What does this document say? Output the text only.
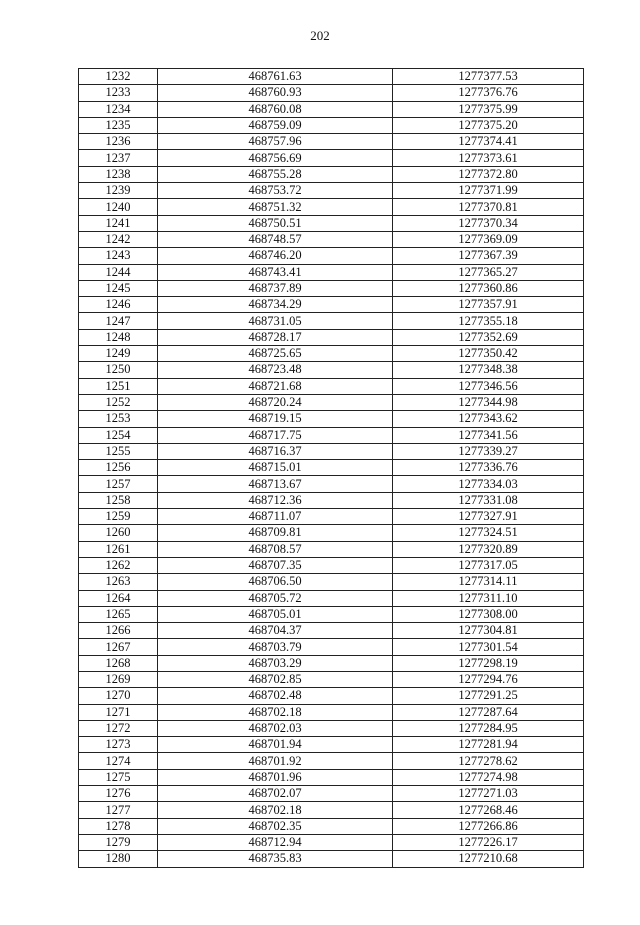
202
1232	468761.63	1277377.53
1233	468760.93	1277376.76
1234	468760.08	1277375.99
1235	468759.09	1277375.20
1236	468757.96	1277374.41
1237	468756.69	1277373.61
1238	468755.28	1277372.80
1239	468753.72	1277371.99
1240	468751.32	1277370.81
1241	468750.51	1277370.34
1242	468748.57	1277369.09
1243	468746.20	1277367.39
1244	468743.41	1277365.27
1245	468737.89	1277360.86
1246	468734.29	1277357.91
1247	468731.05	1277355.18
1248	468728.17	1277352.69
1249	468725.65	1277350.42
1250	468723.48	1277348.38
1251	468721.68	1277346.56
1252	468720.24	1277344.98
1253	468719.15	1277343.62
1254	468717.75	1277341.56
1255	468716.37	1277339.27
1256	468715.01	1277336.76
1257	468713.67	1277334.03
1258	468712.36	1277331.08
1259	468711.07	1277327.91
1260	468709.81	1277324.51
1261	468708.57	1277320.89
1262	468707.35	1277317.05
1263	468706.50	1277314.11
1264	468705.72	1277311.10
1265	468705.01	1277308.00
1266	468704.37	1277304.81
1267	468703.79	1277301.54
1268	468703.29	1277298.19
1269	468702.85	1277294.76
1270	468702.48	1277291.25
1271	468702.18	1277287.64
1272	468702.03	1277284.95
1273	468701.94	1277281.94
1274	468701.92	1277278.62
1275	468701.96	1277274.98
1276	468702.07	1277271.03
1277	468702.18	1277268.46
1278	468702.35	1277266.86
1279	468712.94	1277226.17
1280	468735.83	1277210.68
